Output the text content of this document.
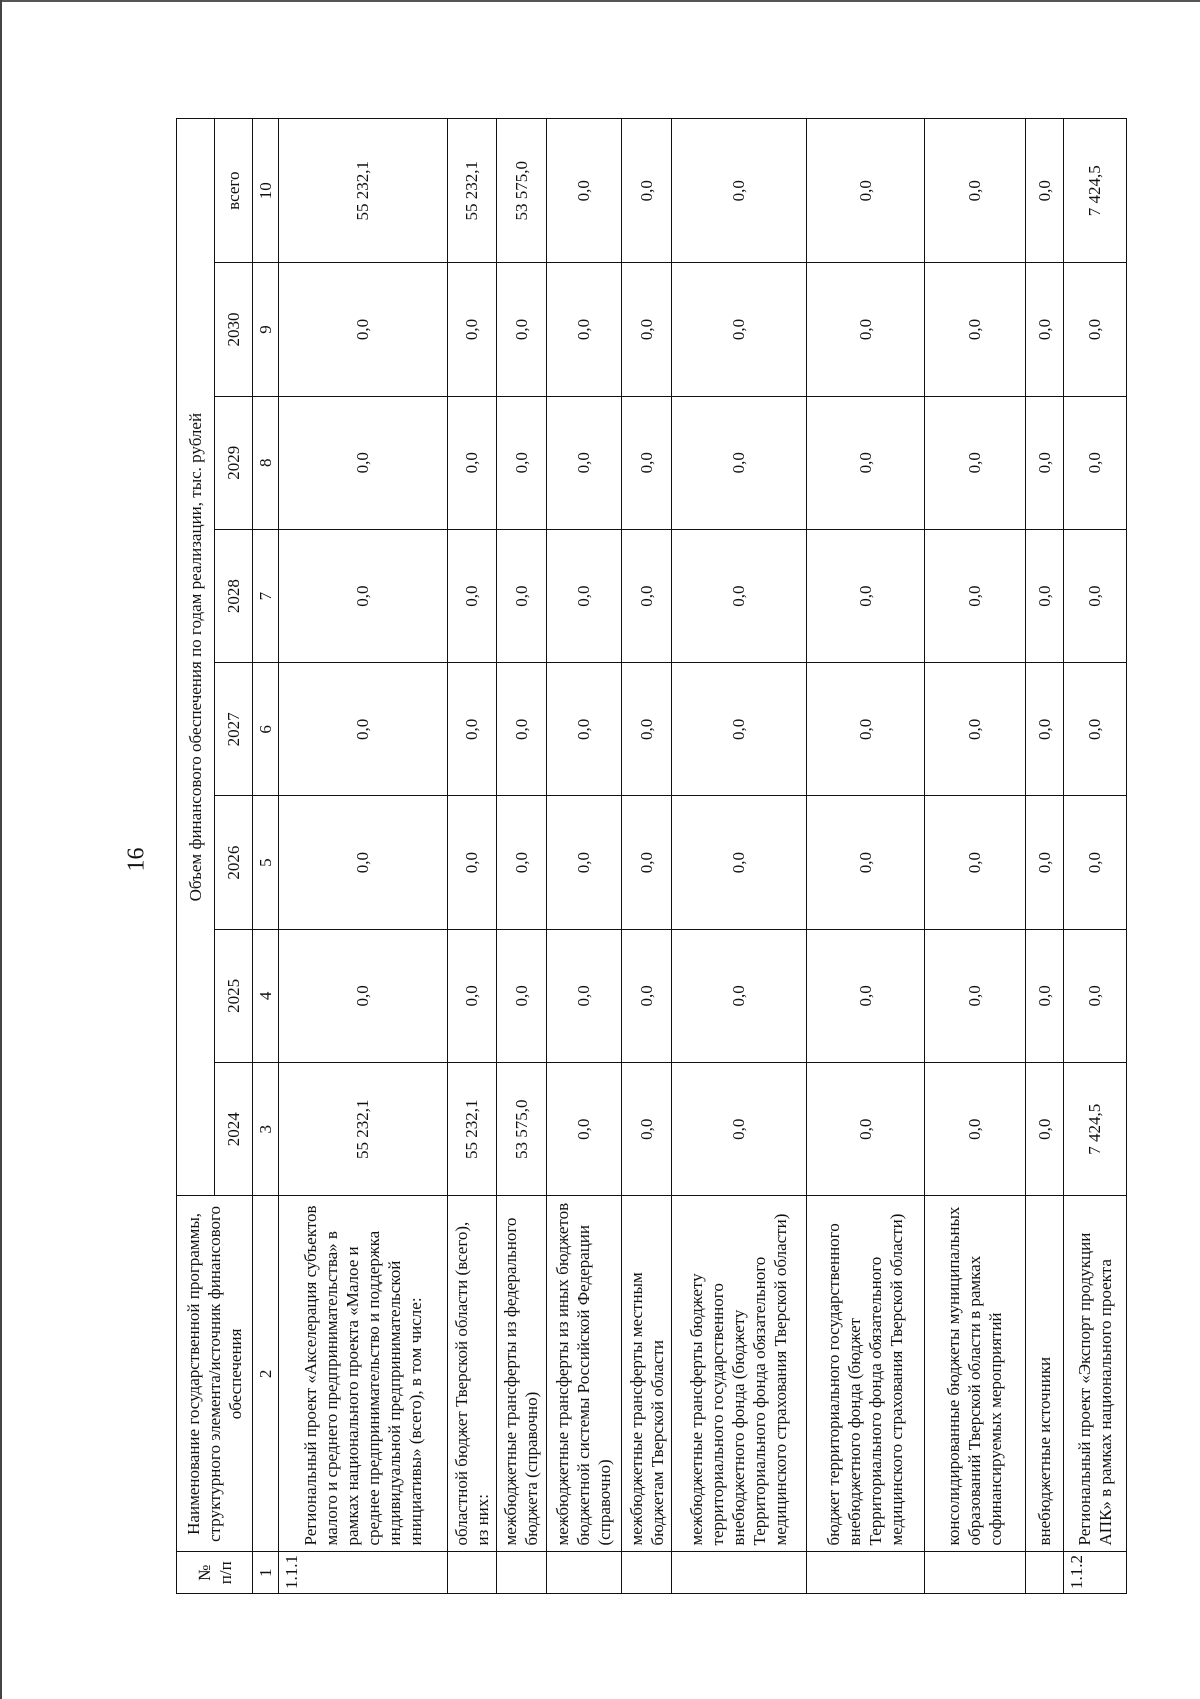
16
№
п/п	Наименование государственной программы, структурного элемента/источник финансового обеспечения	Объем финансового обеспечения по годам реализации, тыс. рублей							
		2024	2025	2026	2027	2028	2029	2030	всего
1	2	3	4	5	6	7	8	9	10
1.1.1	Региональный проект «Акселерация субъектов малого и среднего предпринимательства» в рамках национального проекта «Малое и среднее предпринимательство и поддержка индивидуальной предпринимательской инициативы» (всего), в том числе:	55 232,1	0,0	0,0	0,0	0,0	0,0	0,0	55 232,1
	областной бюджет Тверской области (всего), из них:	55 232,1	0,0	0,0	0,0	0,0	0,0	0,0	55 232,1
	межбюджетные трансферты из федерального бюджета (справочно)	53 575,0	0,0	0,0	0,0	0,0	0,0	0,0	53 575,0
	межбюджетные трансферты из иных бюджетов бюджетной системы Российской Федерации (справочно)	0,0	0,0	0,0	0,0	0,0	0,0	0,0	0,0
	межбюджетные трансферты местным бюджетам Тверской области	0,0	0,0	0,0	0,0	0,0	0,0	0,0	0,0
	межбюджетные трансферты бюджету территориального государственного внебюджетного фонда (бюджету Территориального фонда обязательного медицинского страхования Тверской области)	0,0	0,0	0,0	0,0	0,0	0,0	0,0	0,0
	бюджет территориального государственного внебюджетного фонда (бюджет Территориального фонда обязательного медицинского страхования Тверской области)	0,0	0,0	0,0	0,0	0,0	0,0	0,0	0,0
	консолидированные бюджеты муниципальных образований Тверской области в рамках софинансируемых мероприятий	0,0	0,0	0,0	0,0	0,0	0,0	0,0	0,0
	внебюджетные источники	0,0	0,0	0,0	0,0	0,0	0,0	0,0	0,0
1.1.2	Региональный проект «Экспорт продукции АПК» в рамках национального проекта	7 424,5	0,0	0,0	0,0	0,0	0,0	0,0	7 424,5
